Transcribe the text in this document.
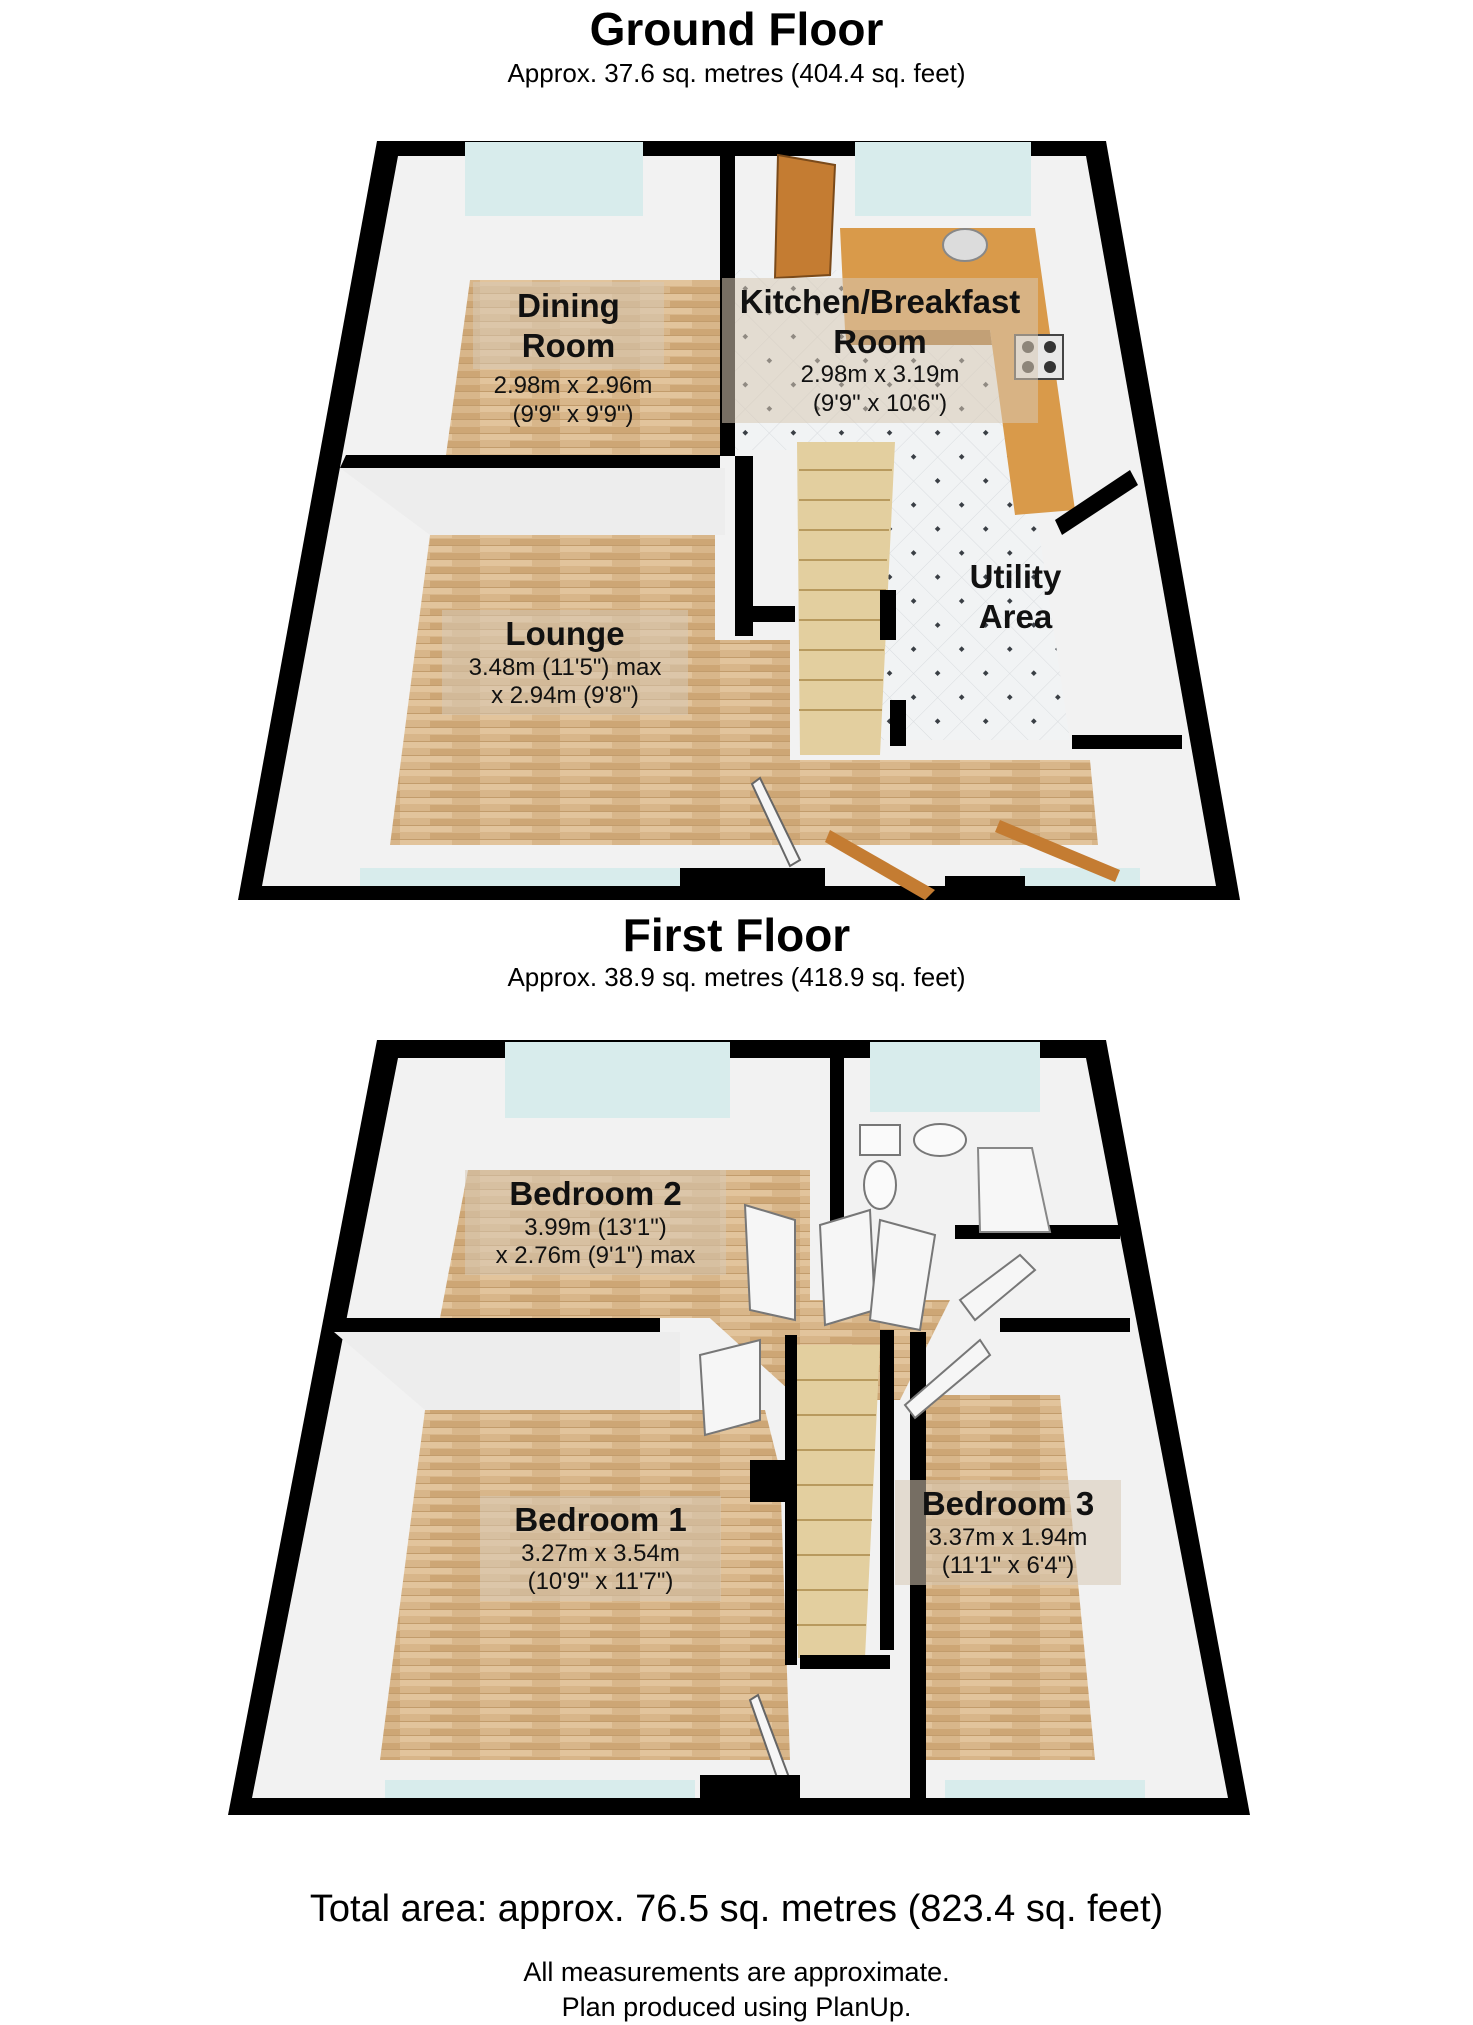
Ground Floor
Approx. 37.6 sq. metres (404.4 sq. feet)
First Floor
Approx. 38.9 sq. metres (418.9 sq. feet)
Dining
Room
2.98m x 2.96m
(9'9" x 9'9")
Kitchen/Breakfast
Room
2.98m x 3.19m
(9'9" x 10'6")
Lounge
3.48m (11'5") max
x 2.94m (9'8")
Utility
Area
Bedroom 2
3.99m (13'1")
x 2.76m (9'1") max
Bedroom 1
3.27m x 3.54m
(10'9" x 11'7")
Bedroom 3
3.37m x 1.94m
(11'1" x 6'4")
Total area: approx. 76.5 sq. metres (823.4 sq. feet)
All measurements are approximate.
Plan produced using PlanUp.
